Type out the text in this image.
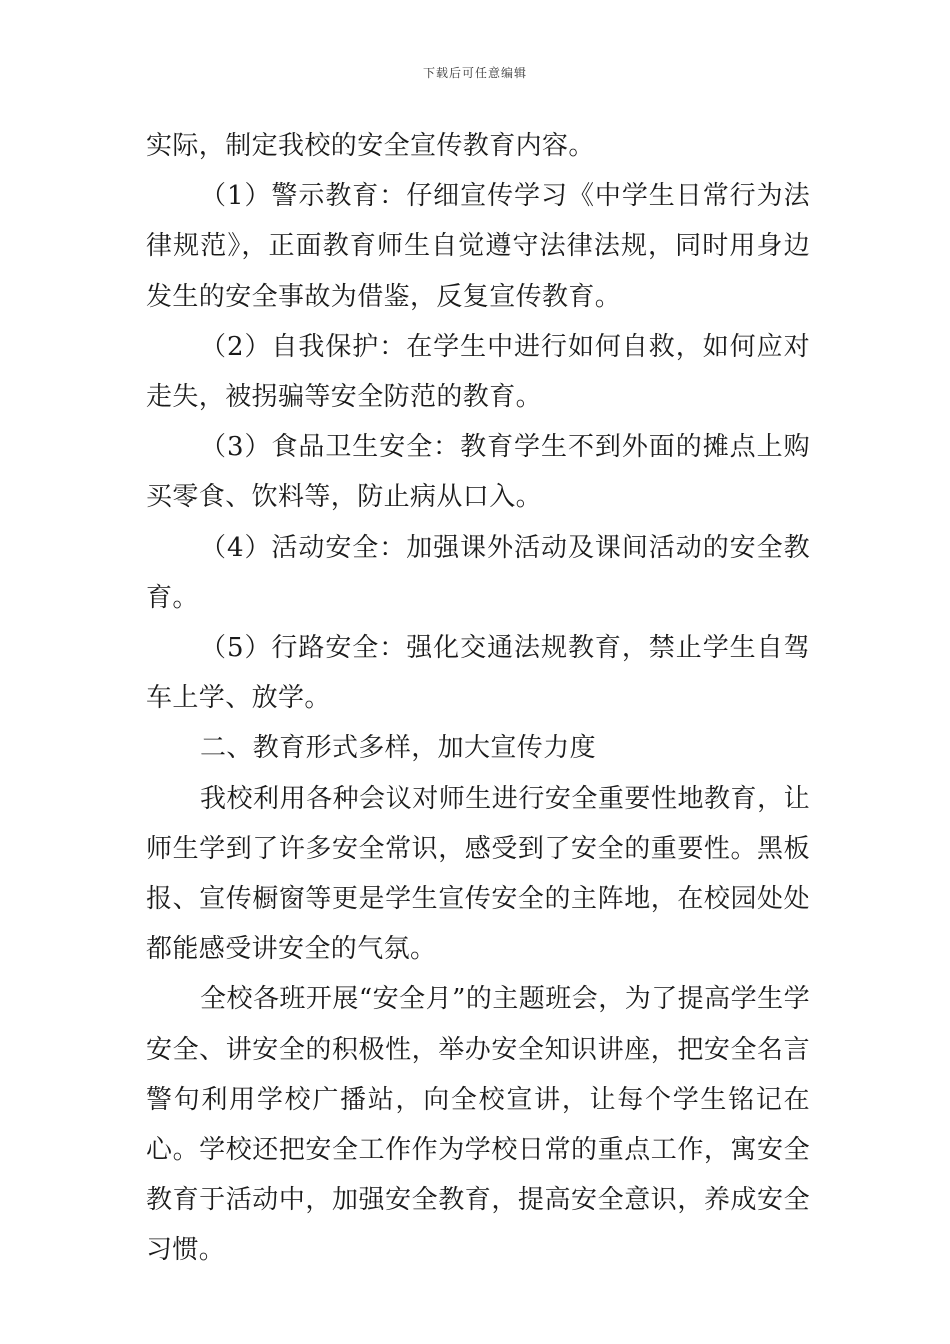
下载后可任意编辑

实际，制定我校的安全宣传教育内容。

（1）警示教育：仔细宣传学习《中学生日常行为法律规范》，正面教育师生自觉遵守法律法规，同时用身边发生的安全事故为借鉴，反复宣传教育。

（2）自我保护：在学生中进行如何自救，如何应对走失，被拐骗等安全防范的教育。

（3）食品卫生安全：教育学生不到外面的摊点上购买零食、饮料等，防止病从口入。

（4）活动安全：加强课外活动及课间活动的安全教育。

（5）行路安全：强化交通法规教育，禁止学生自驾车上学、放学。

二、教育形式多样，加大宣传力度

我校利用各种会议对师生进行安全重要性地教育，让师生学到了许多安全常识，感受到了安全的重要性。黑板报、宣传橱窗等更是学生宣传安全的主阵地，在校园处处都能感受讲安全的气氛。

全校各班开展“安全月”的主题班会，为了提高学生学安全、讲安全的积极性，举办安全知识讲座，把安全名言警句利用学校广播站，向全校宣讲，让每个学生铭记在心。学校还把安全工作作为学校日常的重点工作，寓安全教育于活动中，加强安全教育，提高安全意识，养成安全习惯。
